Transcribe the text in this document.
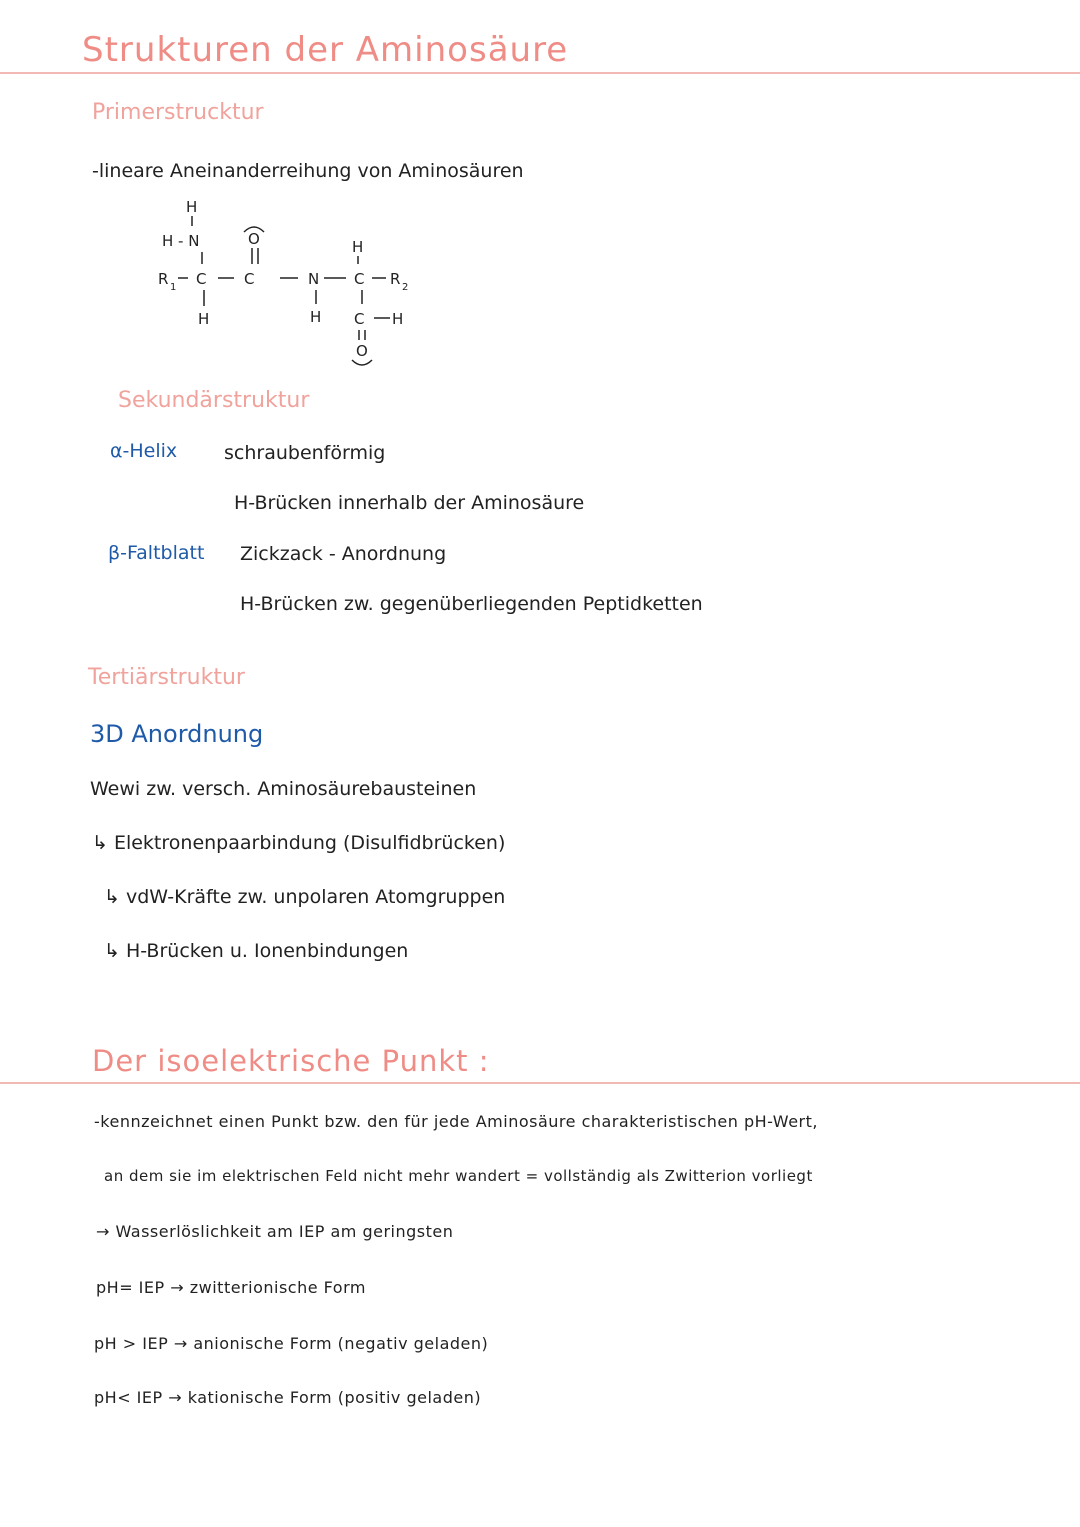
Strukturen der Aminosäure
Primerstrucktur
-lineare Aneinanderreihung von Aminosäuren
H
H - N	O
R 1 C	C
H
N
H
H
C R 2
C H
O
Sekundärstruktur
α-Helix schraubenförmig
H-Brücken innerhalb der Aminosäure
β-Faltblatt Zickzack - Anordnung
H-Brücken zw. gegenüberliegenden Peptidketten
Tertiärstruktur
3D Anordnung
Wewi zw. versch. Aminosäurebausteinen
↳ Elektronenpaarbindung (Disulfidbrücken)
↳ vdW-Kräfte zw. unpolaren Atomgruppen
↳ H-Brücken u. Ionenbindungen
Der isoelektrische Punkt :
-kennzeichnet einen Punkt bzw. den für jede Aminosäure charakteristischen pH-Wert,
an dem sie im elektrischen Feld nicht mehr wandert = vollständig als Zwitterion vorliegt
→ Wasserlöslichkeit am IEP am geringsten
pH= IEP → zwitterionische Form
pH > IEP → anionische Form (negativ geladen)
pH< IEP → kationische Form (positiv geladen)
